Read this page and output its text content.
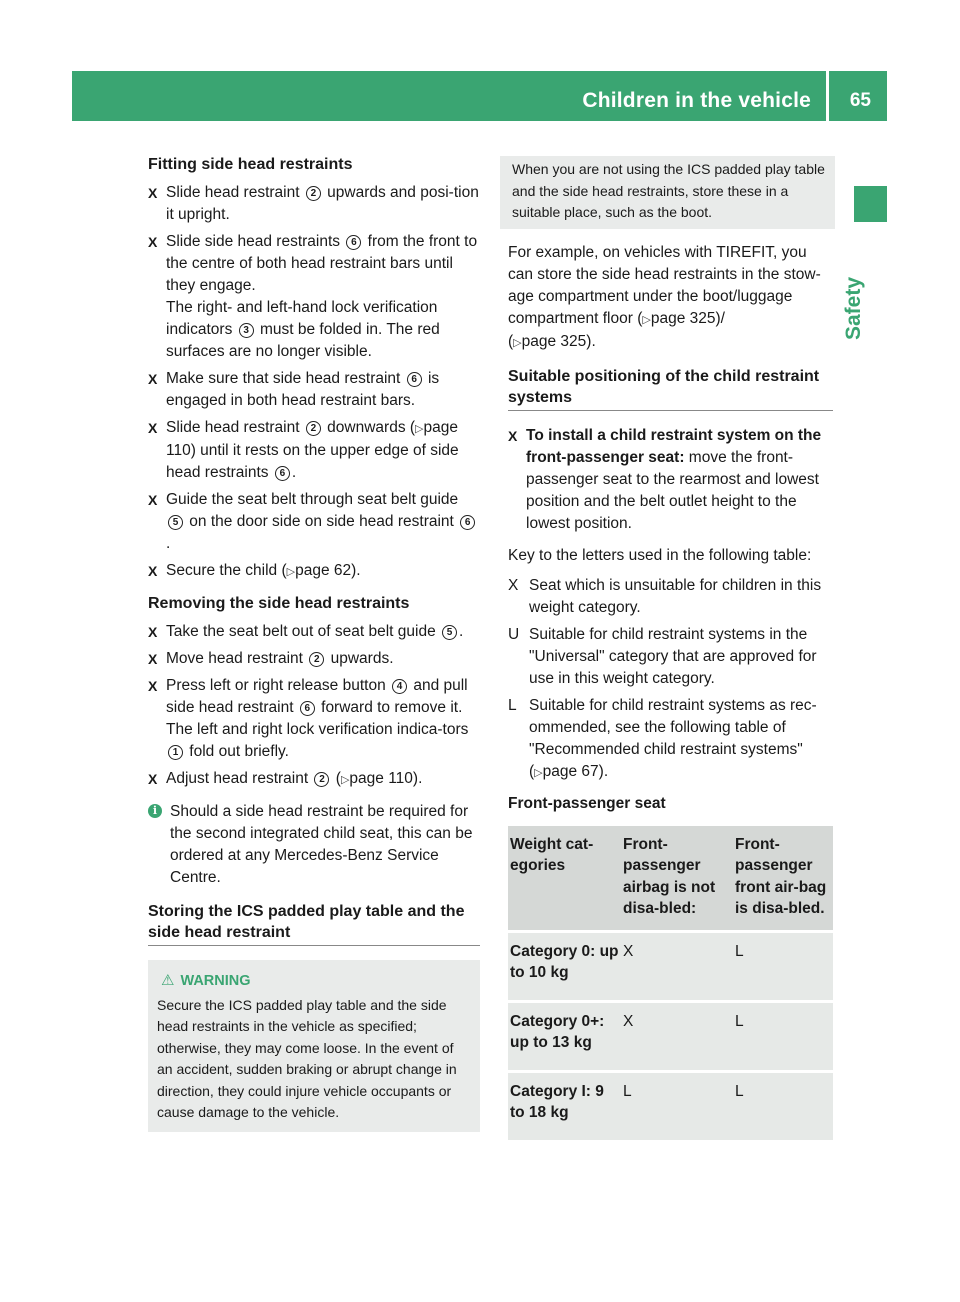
Children in the vehicle 65
Safety
Fitting side head restraints
X Slide head restraint 2 upwards and posi-tion it upright.
X Slide side head restraints 6 from the front to the centre of both head restraint bars until they engage.
The right- and left-hand lock verification indicators 3 must be folded in. The red surfaces are no longer visible.
X Make sure that side head restraint 6 is engaged in both head restraint bars.
X Slide head restraint 2 downwards (▷page 110) until it rests on the upper edge of side head restraints 6 .
X Guide the seat belt through seat belt guide 5 on the door side on side head restraint 6.
X Secure the child (▷page 62).
Removing the side head restraints
X Take the seat belt out of seat belt guide 5 .
X Move head restraint 2 upwards.
X Press left or right release button 4 and pull side head restraint 6 forward to remove it.
The left and right lock verification indica-tors 1 fold out briefly.
X Adjust head restraint 2 (▷page 110).
i Should a side head restraint be required for the second integrated child seat, this can be ordered at any Mercedes-Benz Service Centre.
Storing the ICS padded play table and the side head restraint
⚠ WARNING
Secure the ICS padded play table and the side head restraints in the vehicle as specified; otherwise, they may come loose. In the event of an accident, sudden braking or abrupt change in direction, they could injure vehicle occupants or cause damage to the vehicle.
When you are not using the ICS padded play table and the side head restraints, store these in a suitable place, such as the boot.
For example, on vehicles with TIREFIT, you can store the side head restraints in the stow-age compartment under the boot/luggage compartment floor (▷page 325)/
(▷page 325).
Suitable positioning of the child restraint systems
X To install a child restraint system on the front-passenger seat: move the front-passenger seat to the rearmost and lowest position and the belt outlet height to the lowest position.
Key to the letters used in the following table:
X Seat which is unsuitable for children in this weight category.
U Suitable for child restraint systems in the "Universal" category that are approved for use in this weight category.
L Suitable for child restraint systems as rec-ommended, see the following table of "Recommended child restraint systems" (▷page 67).
Front-passenger seat
Weight cat-egories	Front-passenger airbag is not disa-bled:	Front-passenger front air-bag is disa-bled.
Category 0: up to 10 kg	X	L
Category 0+: up to 13 kg	X	L
Category I: 9 to 18 kg	L	L
